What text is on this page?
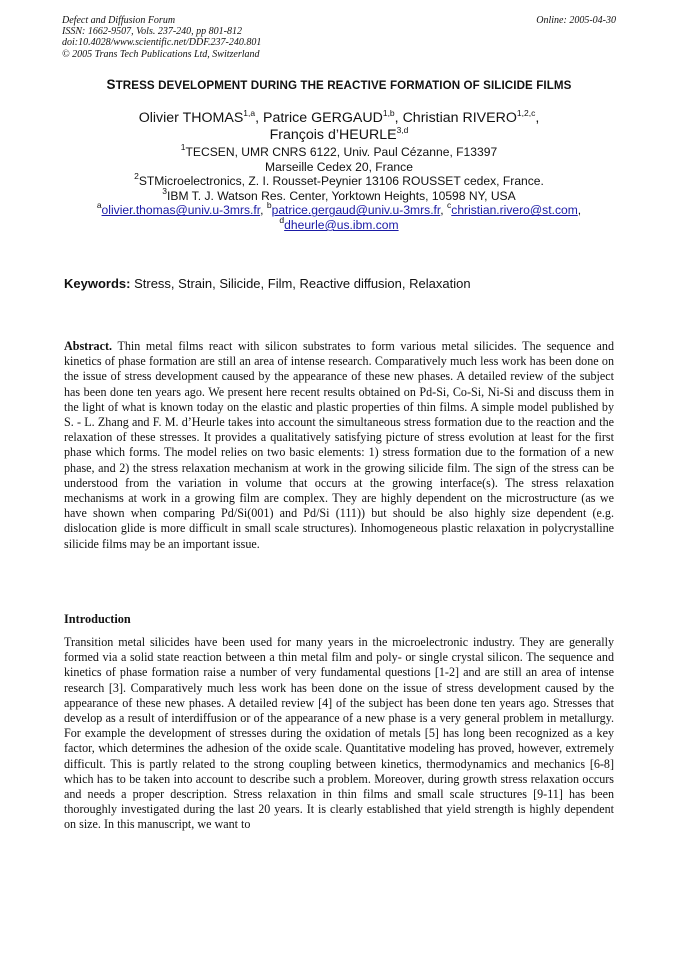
Defect and Diffusion Forum
ISSN: 1662-9507, Vols. 237-240, pp 801-812
doi:10.4028/www.scientific.net/DDF.237-240.801
© 2005 Trans Tech Publications Ltd, Switzerland
Online: 2005-04-30
STRESS DEVELOPMENT DURING THE REACTIVE FORMATION OF SILICIDE FILMS
Olivier THOMAS$^{1,a}$, Patrice GERGAUD$^{1,b}$, Christian RIVERO$^{1,2,c}$,
François d’HEURLE$^{3,d}$
$^1$TECSEN, UMR CNRS 6122, Univ. Paul Cézanne, F13397
Marseille Cedex 20, France
$^2$STMicroelectronics, Z. I. Rousset-Peynier 13106 ROUSSET cedex, France.
$^3$IBM T. J. Watson Res. Center, Yorktown Heights, 10598 NY, USA
$^a$olivier.thomas@univ.u-3mrs.fr, $^b$patrice.gergaud@univ.u-3mrs.fr, $^c$christian.rivero@st.com,
$^d$dheurle@us.ibm.com
Keywords: Stress, Strain, Silicide, Film, Reactive diffusion, Relaxation
Abstract. Thin metal films react with silicon substrates to form various metal silicides. The sequence and kinetics of phase formation are still an area of intense research. Comparatively much less work has been done on the issue of stress development caused by the appearance of these new phases. A detailed review of the subject has been done ten years ago. We present here recent results obtained on Pd-Si, Co-Si, Ni-Si and discuss them in the light of what is known today on the elastic and plastic properties of thin films. A simple model published by S. - L. Zhang and F. M. d’Heurle takes into account the simultaneous stress formation due to the reaction and the relaxation of these stresses. It provides a qualitatively satisfying picture of stress evolution at least for the first phase which forms. The model relies on two basic elements: 1) stress formation due to the formation of a new phase, and 2) the stress relaxation mechanism at work in the growing silicide film. The sign of the stress can be understood from the variation in volume that occurs at the growing interface(s). The stress relaxation mechanisms at work in a growing film are complex. They are highly dependent on the microstructure (as we have shown when comparing Pd/Si(001) and Pd/Si (111)) but should be also highly size dependent (e.g. dislocation glide is more difficult in small scale structures). Inhomogeneous plastic relaxation in polycrystalline silicide films may be an important issue.
Introduction
Transition metal silicides have been used for many years in the microelectronic industry. They are generally formed via a solid state reaction between a thin metal film and poly- or single crystal silicon. The sequence and kinetics of phase formation raise a number of very fundamental questions [1-2] and are still an area of intense research [3]. Comparatively much less work has been done on the issue of stress development caused by the appearance of these new phases. A detailed review [4] of the subject has been done ten years ago. Stresses that develop as a result of interdiffusion or of the appearance of a new phase is a very general problem in metallurgy. For example the development of stresses during the oxidation of metals [5] has long been recognized as a key factor, which determines the adhesion of the oxide scale. Quantitative modeling has proved, however, extremely difficult. This is partly related to the strong coupling between kinetics, thermodynamics and mechanics [6-8] which has to be taken into account to describe such a problem. Moreover, during growth stress relaxation occurs and needs a proper description. Stress relaxation in thin films and small scale structures [9-11] has been thoroughly investigated during the last 20 years. It is clearly established that yield strength is highly dependent on size. In this manuscript, we want to
